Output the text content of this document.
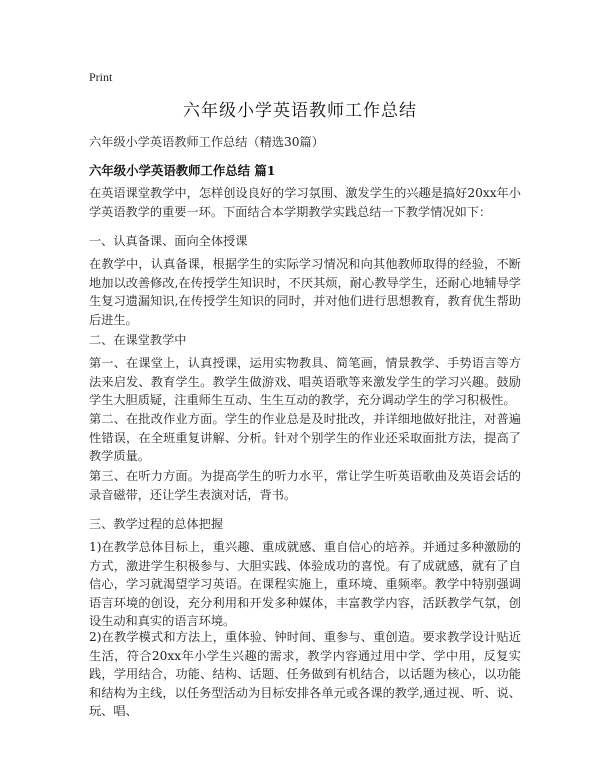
Print
六年级小学英语教师工作总结
六年级小学英语教师工作总结（精选30篇）
六年级小学英语教师工作总结 篇1
在英语课堂教学中，怎样创设良好的学习氛围、激发学生的兴趣是搞好20xx年小学英语教学的重要一环。下面结合本学期教学实践总结一下教学情况如下：
一、认真备课、面向全体授课
在教学中，认真备课，根据学生的实际学习情况和向其他教师取得的经验，不断地加以改善修改,在传授学生知识时，不厌其烦，耐心教导学生，还耐心地辅导学生复习遗漏知识,在传授学生知识的同时，并对他们进行思想教育，教育优生帮助后进生。
二、在课堂教学中
第一、在课堂上，认真授课，运用实物教具、简笔画，情景教学、手势语言等方法来启发、教育学生。教学生做游戏、唱英语歌等来激发学生的学习兴趣。鼓励学生大胆质疑，注重师生互动、生生互动的教学，充分调动学生的学习积极性。
第二、在批改作业方面。学生的作业总是及时批改，并详细地做好批注，对普遍性错误，在全班重复讲解、分析。针对个别学生的作业还采取面批方法，提高了教学质量。
第三、在听力方面。为提高学生的听力水平，常让学生听英语歌曲及英语会话的录音磁带，还让学生表演对话，背书。
三、教学过程的总体把握
1)在教学总体目标上，重兴趣、重成就感、重自信心的培养。并通过多种激励的方式，激进学生积极参与、大胆实践、体验成功的喜悦。有了成就感，就有了自信心，学习就渴望学习英语。在课程实施上，重环境、重频率。教学中特别强调语言环境的创设，充分利用和开发多种媒体，丰富教学内容，活跃教学气氛，创设生动和真实的语言环境。
2)在教学模式和方法上，重体验、钟时间、重参与、重创造。要求教学设计贴近生活，符合20xx年小学生兴趣的需求，教学内容通过用中学、学中用，反复实践，学用结合，功能、结构、话题、任务做到有机结合，以话题为核心，以功能和结构为主线，以任务型活动为目标安排各单元或各课的教学,通过视、听、说、玩、唱、
